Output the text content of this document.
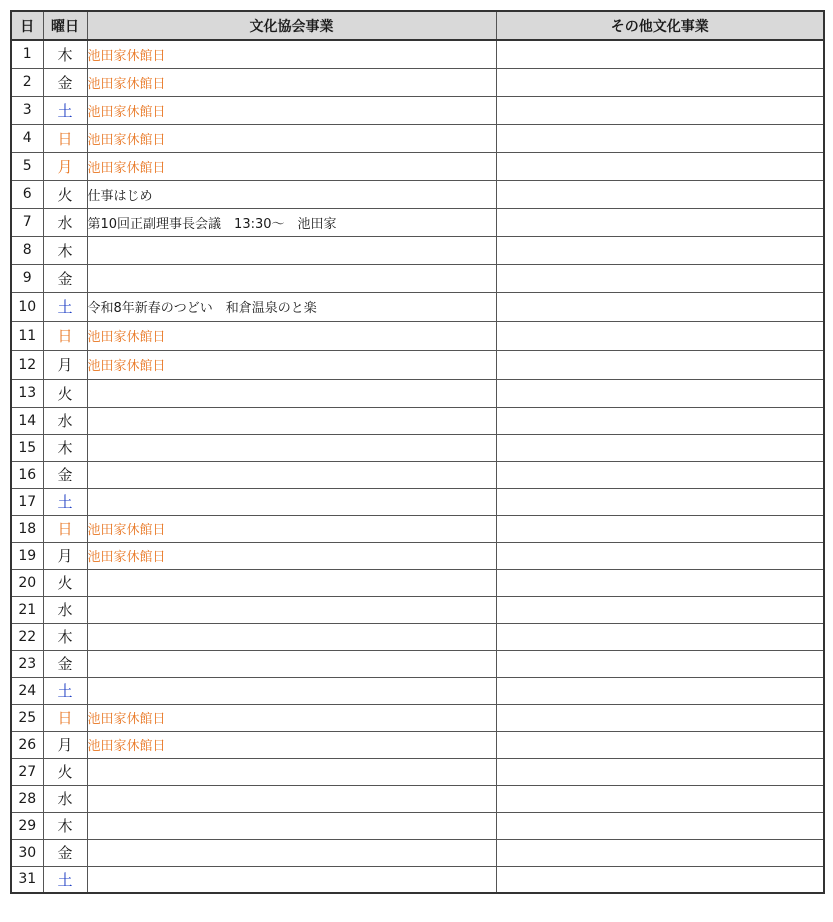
日	曜日	文化協会事業	その他文化事業
1	木	池田家休館日	
2	金	池田家休館日	
3	土	池田家休館日	
4	日	池田家休館日	
5	月	池田家休館日	
6	火	仕事はじめ	
7	水	第10回正副理事長会議　13:30～　池田家	
8	木		
9	金		
10	土	令和8年新春のつどい　和倉温泉のと楽	
11	日	池田家休館日	
12	月	池田家休館日	
13	火		
14	水		
15	木		
16	金		
17	土		
18	日	池田家休館日	
19	月	池田家休館日	
20	火		
21	水		
22	木		
23	金		
24	土		
25	日	池田家休館日	
26	月	池田家休館日	
27	火		
28	水		
29	木		
30	金		
31	土		
